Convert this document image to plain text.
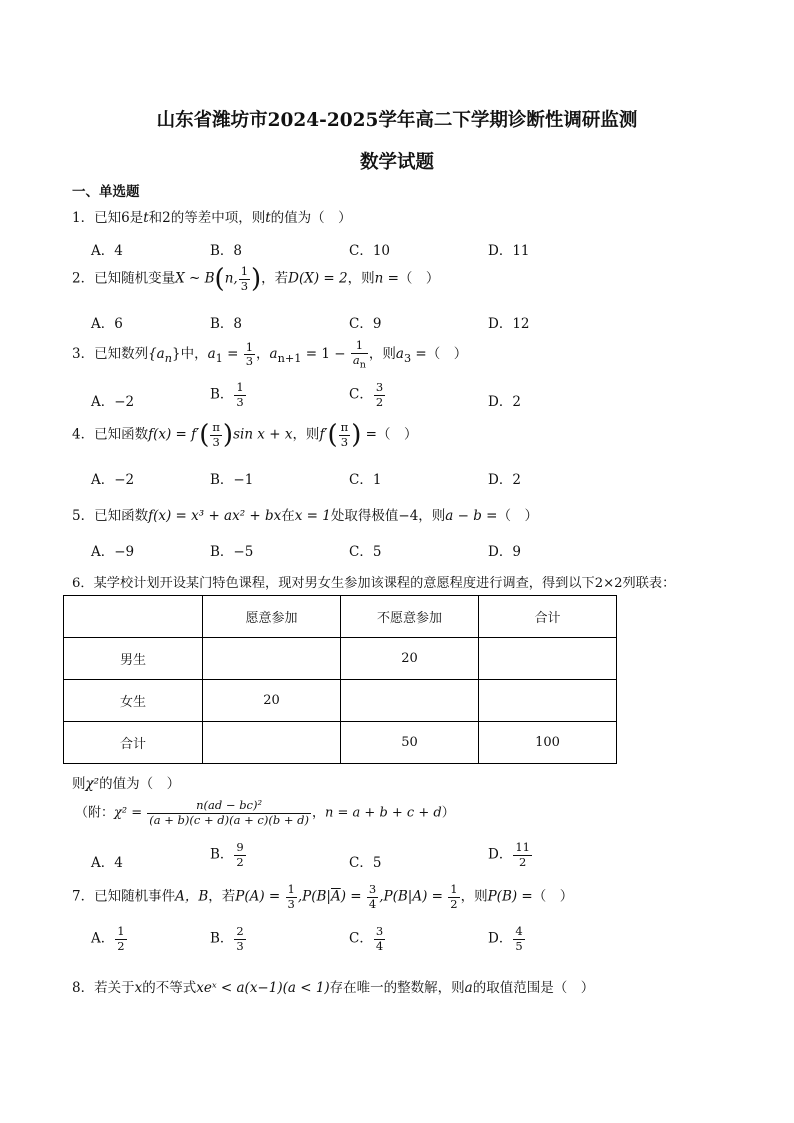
山东省潍坊市2024-2025学年高二下学期诊断性调研监测
数学试题
一、单选题
1．已知6是t和2的等差中项，则t的值为（　）
A．4	B．8	C．10	D．11
2．已知随机变量X ~ B(n, $\frac{1}{3}$ )，若D(X) = 2，则n =（　）
A．6	B．8	C．9	D．12
3．已知数列$\{a_n\}$中，$a_1 = \frac{1}{3}$ ，$a_{n+1} = 1 - \frac{1}{a_n}$ ，则$a_3$ =（　）
A．−2	B． $\frac{1}{3}$	C． $\frac{3}{2}$	D．2
4．已知函数$f(x) = f'( \frac{\pi}{3} )\sin$ x + x，则$f'( \frac{\pi}{3}$ ) =（　）
A．−2	B．−1	C．1	D．2
5．已知函数f(x) = x³ + ax² + bx在x = 1处取得极值−4，则a − b =（　）
A．−9	B．−5	C．5	D．9
6．某学校计划开设某门特色课程，现对男女生参加该课程的意愿程度进行调查，得到以下2×2列联表：
	愿意参加	不愿意参加	合计
男生		20	
女生	20		
合计		50	100
则χ²的值为（　）
（附：$\chi^2 = \frac{\text{n(ad − bc)²}}{(a + b)(c + d)(a + c)(b + d)}$ ，n = a + b + c + d）
A．4
B． $\frac{9}{2}$	C．5
D． $\frac{11}{2}$
7．已知随机事件A，B，若$P(A) = \frac{1}{3} ,P(B|\overline{A}) = \frac{3}{4} ,P(B|A) = \frac{1}{2}$ ，则P(B) =（　）
A． $\frac{1}{2}$	B． $\frac{2}{3}$	C． $\frac{3}{4}$	D． $\frac{4}{5}$
8．若关于x的不等式xeˣ < a(x−1)(a < 1)存在唯一的整数解，则a的取值范围是（　）
